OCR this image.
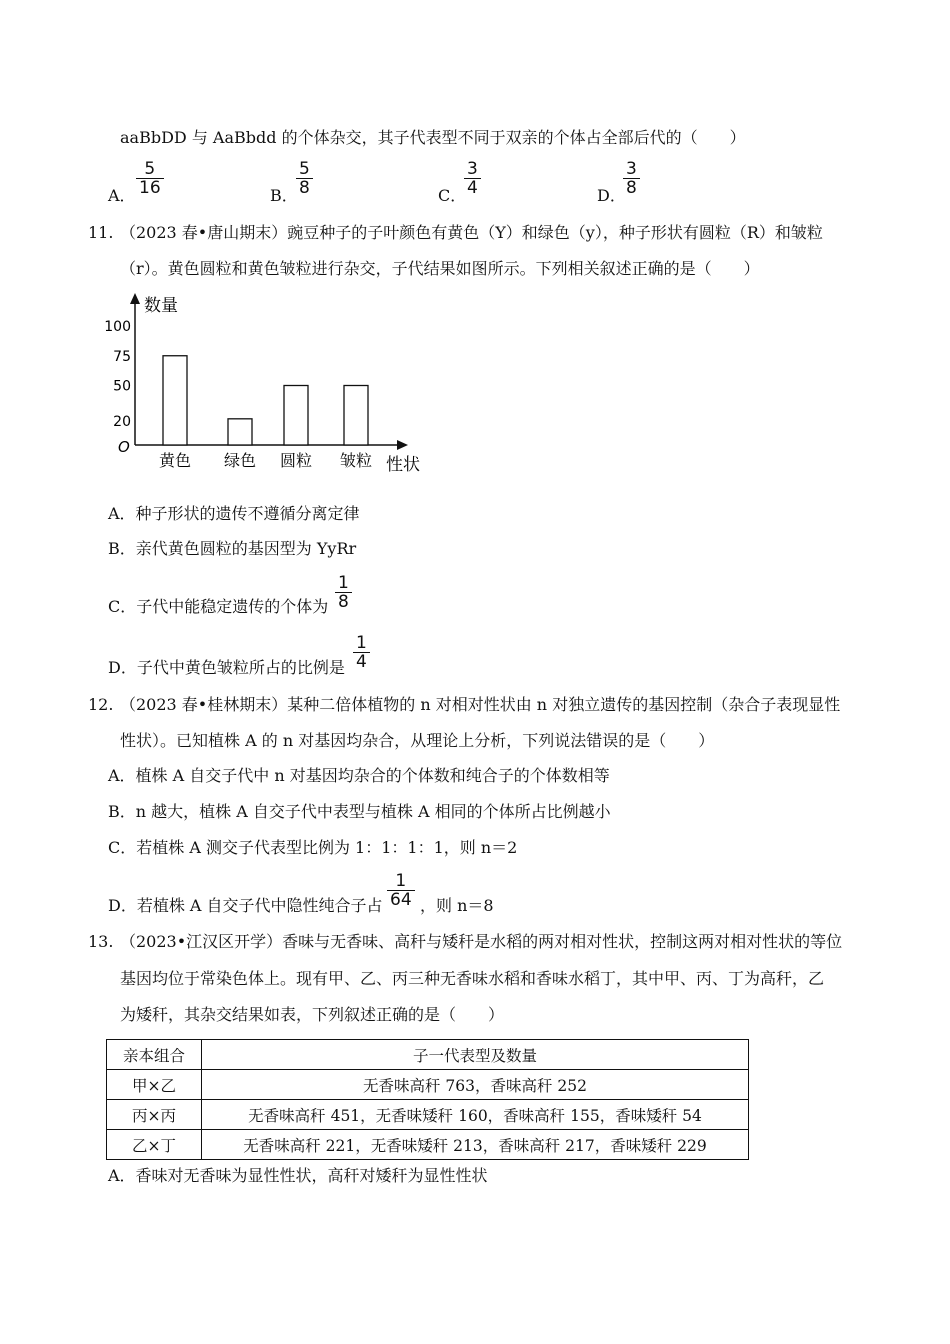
aaBbDD 与 AaBbdd 的个体杂交，其子代表型不同于双亲的个体占全部后代的（　　）
A． $\frac{5}{16}$	B．
$\frac{5}{8}$	C．
$\frac{3}{4}$	D．
$\frac{3}{8}$
11. （2023 春•唐山期末）豌豆种子的子叶颜色有黄色（Y）和绿色（y），种子形状有圆粒（R）和皱粒
（r）。黄色圆粒和黄色皱粒进行杂交，子代结果如图所示。下列相关叙述正确的是（　　）
数量
性状
O
100
75
50
20
黄色 绿色 圆粒 皱粒
A．种子形状的遗传不遵循分离定律
B．亲代黄色圆粒的基因型为 YyRr
C．子代中能稳定遗传的个体为 $\frac{1}{8}$
D．子代中黄色皱粒所占的比例是 $\frac{1}{4}$
12. （2023 春•桂林期末）某种二倍体植物的 n 对相对性状由 n 对独立遗传的基因控制（杂合子表现显性
性状）。已知植株 A 的 n 对基因均杂合，从理论上分析，下列说法错误的是（　　）
A．植株 A 自交子代中 n 对基因均杂合的个体数和纯合子的个体数相等
B．n 越大，植株 A 自交子代中表型与植株 A 相同的个体所占比例越小
C．若植株 A 测交子代表型比例为 1：1：1：1，则 n＝2
D．若植株 A 自交子代中隐性纯合子占 $\frac{1}{64}$ ，则 n＝8
13. （2023•江汉区开学）香味与无香味、高秆与矮秆是水稻的两对相对性状，控制这两对相对性状的等位
基因均位于常染色体上。现有甲、乙、丙三种无香味水稻和香味水稻丁，其中甲、丙、丁为高秆，乙
为矮秆，其杂交结果如表，下列叙述正确的是（　　）
亲本组合	子一代表型及数量
甲×乙	无香味高秆 763，香味高秆 252
丙×丙	无香味高秆 451，无香味矮秆 160，香味高秆 155，香味矮秆 54
乙×丁	无香味高秆 221，无香味矮秆 213，香味高秆 217，香味矮秆 229
A．香味对无香味为显性性状，高秆对矮秆为显性性状
